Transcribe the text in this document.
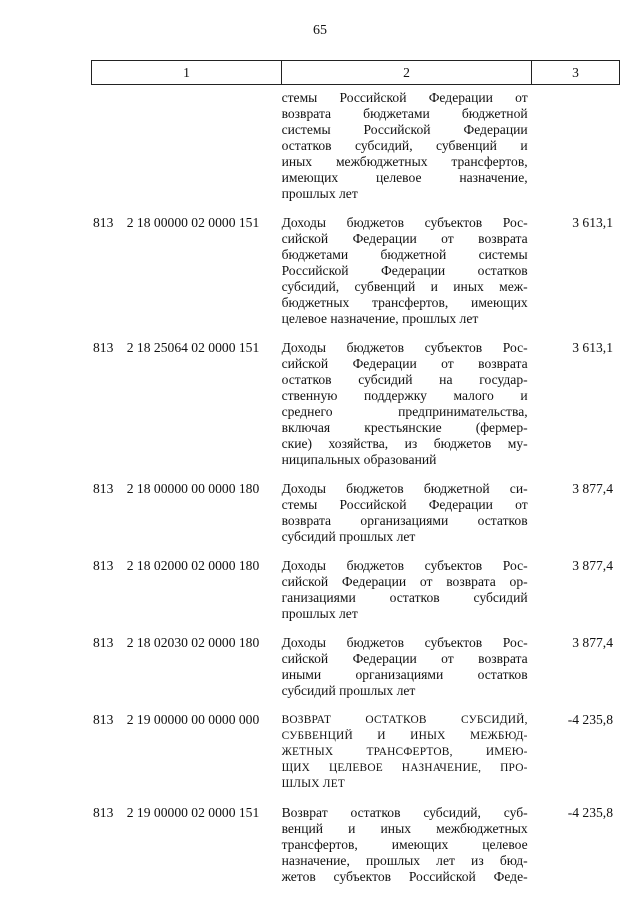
65
1	2	3
стемы Российской Федерации от
возврата бюджетами бюджетной
системы Российской Федерации
остатков субсидий, субвенций и
иных межбюджетных трансфертов,
имеющих целевое назначение,
прошлых лет
813 2 18 00000 02 0000 151	Доходы бюджетов субъектов Рос-
сийской Федерации от возврата
бюджетами бюджетной системы
Российской Федерации остатков
субсидий, субвенций и иных меж-
бюджетных трансфертов, имеющих
целевое назначение, прошлых лет
3 613,1
813 2 18 25064 02 0000 151	Доходы бюджетов субъектов Рос-
сийской Федерации от возврата
остатков субсидий на государ-
ственную поддержку малого и
среднего предпринимательства,
включая крестьянские (фермер-
ские) хозяйства, из бюджетов му-
ниципальных образований
3 613,1
813 2 18 00000 00 0000 180	Доходы бюджетов бюджетной си-
стемы Российской Федерации от
возврата организациями остатков
субсидий прошлых лет
3 877,4
813 2 18 02000 02 0000 180	Доходы бюджетов субъектов Рос-
сийской Федерации от возврата ор-
ганизациями остатков субсидий
прошлых лет
3 877,4
813 2 18 02030 02 0000 180	Доходы бюджетов субъектов Рос-
сийской Федерации от возврата
иными организациями остатков
субсидий прошлых лет
3 877,4
813 2 19 00000 00 0000 000	ВОЗВРАТ ОСТАТКОВ СУБСИДИЙ,
СУБВЕНЦИЙ И ИНЫХ МЕЖБЮД-
ЖЕТНЫХ ТРАНСФЕРТОВ, ИМЕЮ-
ЩИХ ЦЕЛЕВОЕ НАЗНАЧЕНИЕ, ПРО-
ШЛЫХ ЛЕТ
-4 235,8
813 2 19 00000 02 0000 151	Возврат остатков субсидий, суб-
венций и иных межбюджетных
трансфертов, имеющих целевое
назначение, прошлых лет из бюд-
жетов субъектов Российской Феде-
-4 235,8
